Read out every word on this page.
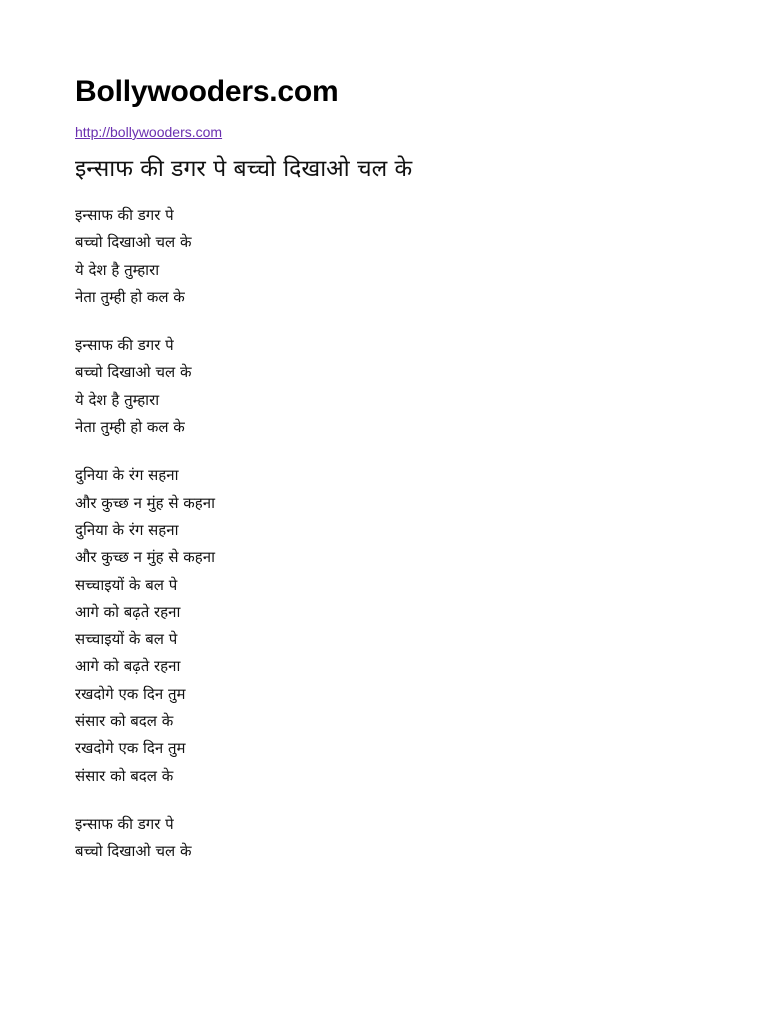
Bollywooders.com
http://bollywooders.com
इन्साफ की डगर पे बच्चो दिखाओ चल के
इन्साफ की डगर पे
बच्चो दिखाओ चल के
ये देश है तुम्हारा
नेता तुम्ही हो कल के
इन्साफ की डगर पे
बच्चो दिखाओ चल के
ये देश है तुम्हारा
नेता तुम्ही हो कल के
दुनिया के रंग सहना
और कुच्छ न मुंह से कहना
दुनिया के रंग सहना
और कुच्छ न मुंह से कहना
सच्चाइयों के बल पे
आगे को बढ़ते रहना
सच्चाइयों के बल पे
आगे को बढ़ते रहना
रखदोगे एक दिन तुम
संसार को बदल के
रखदोगे एक दिन तुम
संसार को बदल के
इन्साफ की डगर पे
बच्चो दिखाओ चल के
